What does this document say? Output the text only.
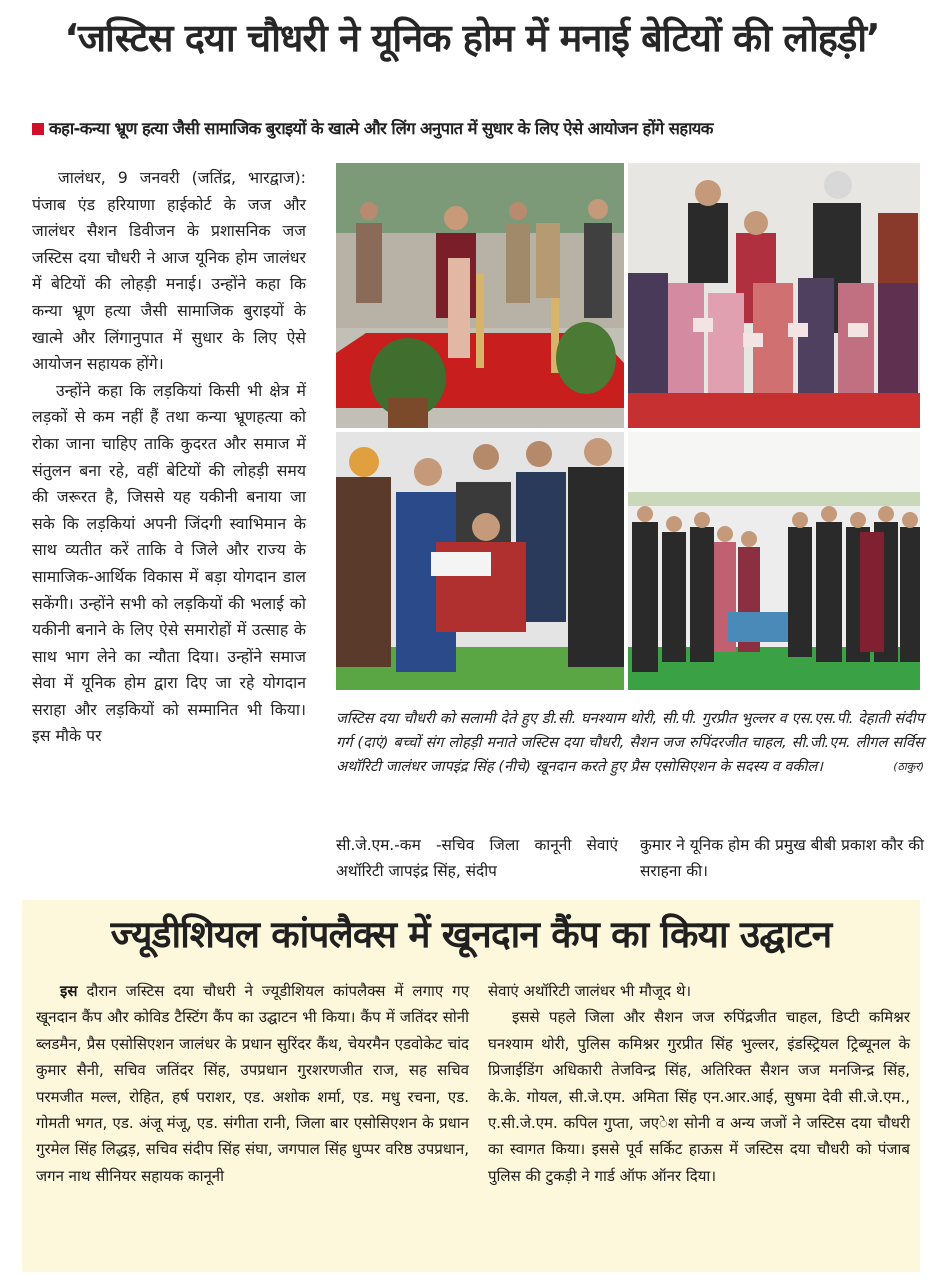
‘जस्टिस दया चौधरी ने यूनिक होम में मनाई बेटियों की लोहड़ी’
कहा-कन्या भ्रूण हत्या जैसी सामाजिक बुराइयों के खात्मे और लिंग अनुपात में सुधार के लिए ऐसे आयोजन होंगे सहायक

जालंधर, 9 जनवरी (जतिंद्र, भारद्वाज): पंजाब एंड हरियाणा हाईकोर्ट के जज और जालंधर सैशन डिवीजन के प्रशासनिक जज जस्टिस दया चौधरी ने आज यूनिक होम जालंधर में बेटियों की लोहड़ी मनाई। उन्होंने कहा कि कन्या भ्रूण हत्या जैसी सामाजिक बुराइयों के खात्मे और लिंगानुपात में सुधार के लिए ऐसे आयोजन सहायक होंगे।

उन्होंने कहा कि लड़कियां किसी भी क्षेत्र में लड़कों से कम नहीं हैं तथा कन्या भ्रूणहत्या को रोका जाना चाहिए ताकि कुदरत और समाज में संतुलन बना रहे, वहीं बेटियों की लोहड़ी समय की जरूरत है, जिससे यह यकीनी बनाया जा सके कि लड़कियां अपनी जिंदगी स्वाभिमान के साथ व्यतीत करें ताकि वे जिले और राज्य के सामाजिक-आर्थिक विकास में बड़ा योगदान डाल सकेंगी। उन्होंने सभी को लड़कियों की भलाई को यकीनी बनाने के लिए ऐसे समारोहों में उत्साह के साथ भाग लेने का न्यौता दिया। उन्होंने समाज सेवा में यूनिक होम द्वारा दिए जा रहे योगदान सराहा और लड़कियों को सम्मानित भी किया। इस मौके पर

जस्टिस दया चौधरी को सलामी देते हुए डी.सी. घनश्याम थोरी, सी.पी. गुरप्रीत भुल्लर व एस.एस.पी. देहाती संदीप गर्ग (दाएं) बच्चों संग लोहड़ी मनाते जस्टिस दया चौधरी, सैशन जज रुपिंदरजीत चाहल, सी.जी.एम. लीगल सर्विस अथॉरिटी जालंधर जापइंद्र सिंह (नीचे) खूनदान करते हुए प्रैस एसोसिएशन के सदस्य व वकील।	(ठाकुर)
सी.जे.एम.-कम -सचिव जिला कानूनी सेवाएं अथॉरिटी जापइंद्र सिंह, संदीप
कुमार ने यूनिक होम की प्रमुख बीबी प्रकाश कौर की सराहना की।
ज्यूडीशियल कांपलैक्स में खूनदान कैंप का किया उद्घाटन

इस दौरान जस्टिस दया चौधरी ने ज्यूडीशियल कांपलैक्स में लगाए गए खूनदान कैंप और कोविड टैस्टिंग कैंप का उद्घाटन भी किया। कैंप में जतिंदर सोनी ब्लडमैन, प्रैस एसोसिएशन जालंधर के प्रधान सुरिंदर कैंथ, चेयरमैन एडवोकेट चांद कुमार सैनी, सचिव जतिंदर सिंह, उपप्रधान गुरशरणजीत राज, सह सचिव परमजीत मल्ल, रोहित, हर्ष पराशर, एड. अशोक शर्मा, एड. मधु रचना, एड. गोमती भगत, एड. अंजू मंजू, एड. संगीता रानी, जिला बार एसोसिएशन के प्रधान गुरमेल सिंह लिद्धड़, सचिव संदीप सिंह संघा, जगपाल सिंह धुप्पर वरिष्ठ उपप्रधान, जगन नाथ सीनियर सहायक कानूनी

सेवाएं अथॉरिटी जालंधर भी मौजूद थे।

इससे पहले जिला और सैशन जज रुपिंद्रजीत चाहल, डिप्टी कमिश्नर घनश्याम थोरी, पुलिस कमिश्नर गुरप्रीत सिंह भुल्लर, इंडस्ट्रियल ट्रिब्यूनल के प्रिजाईडिंग अधिकारी तेजविन्द्र सिंह, अतिरिक्त सैशन जज मनजिन्द्र सिंह, के.के. गोयल, सी.जे.एम. अमिता सिंह एन.आर.आई, सुषमा देवी सी.जे.एम., ए.सी.जे.एम. कपिल गुप्ता, जएेश सोनी व अन्य जजों ने जस्टिस दया चौधरी का स्वागत किया। इससे पूर्व सर्किट हाऊस में जस्टिस दया चौधरी को पंजाब पुलिस की टुकड़ी ने गार्ड ऑफ ऑनर दिया।
